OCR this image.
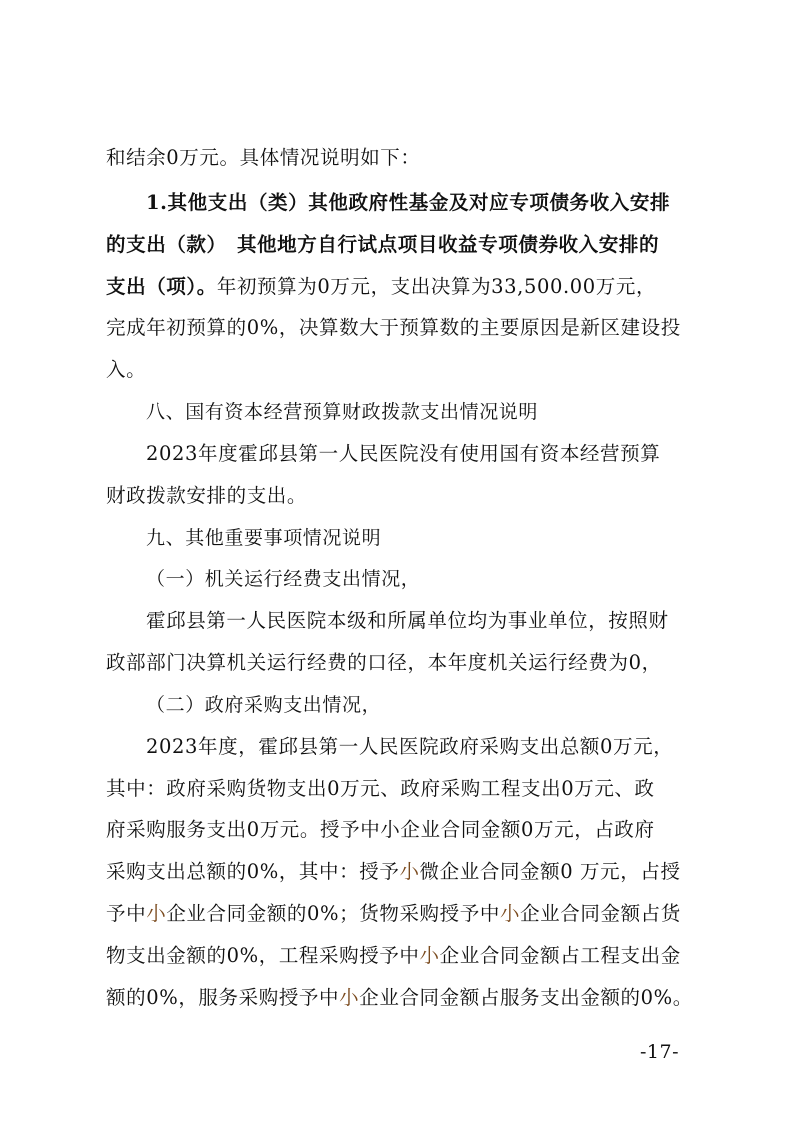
和结余0万元。具体情况说明如下：
1.其他支出（类）其他政府性基金及对应专项债务收入安排
的支出（款）　其他地方自行试点项目收益专项债券收入安排的
支出（项）。年初预算为0万元，支出决算为33,500.00万元，
完成年初预算的0%，决算数大于预算数的主要原因是新区建设投
入。
八、国有资本经营预算财政拨款支出情况说明
2023年度霍邱县第一人民医院没有使用国有资本经营预算
财政拨款安排的支出。
九、其他重要事项情况说明
（一）机关运行经费支出情况，
霍邱县第一人民医院本级和所属单位均为事业单位，按照财
政部部门决算机关运行经费的口径，本年度机关运行经费为0，
（二）政府采购支出情况，
2023年度，霍邱县第一人民医院政府采购支出总额0万元，
其中：政府采购货物支出0万元、政府采购工程支出0万元、政
府采购服务支出0万元。授予中小企业合同金额0万元，占政府
采购支出总额的0%，其中：授予小微企业合同金额0 万元，占授
予中小企业合同金额的0%；货物采购授予中小企业合同金额占货
物支出金额的0%，工程采购授予中小企业合同金额占工程支出金
额的0%，服务采购授予中小企业合同金额占服务支出金额的0%。
-17-
